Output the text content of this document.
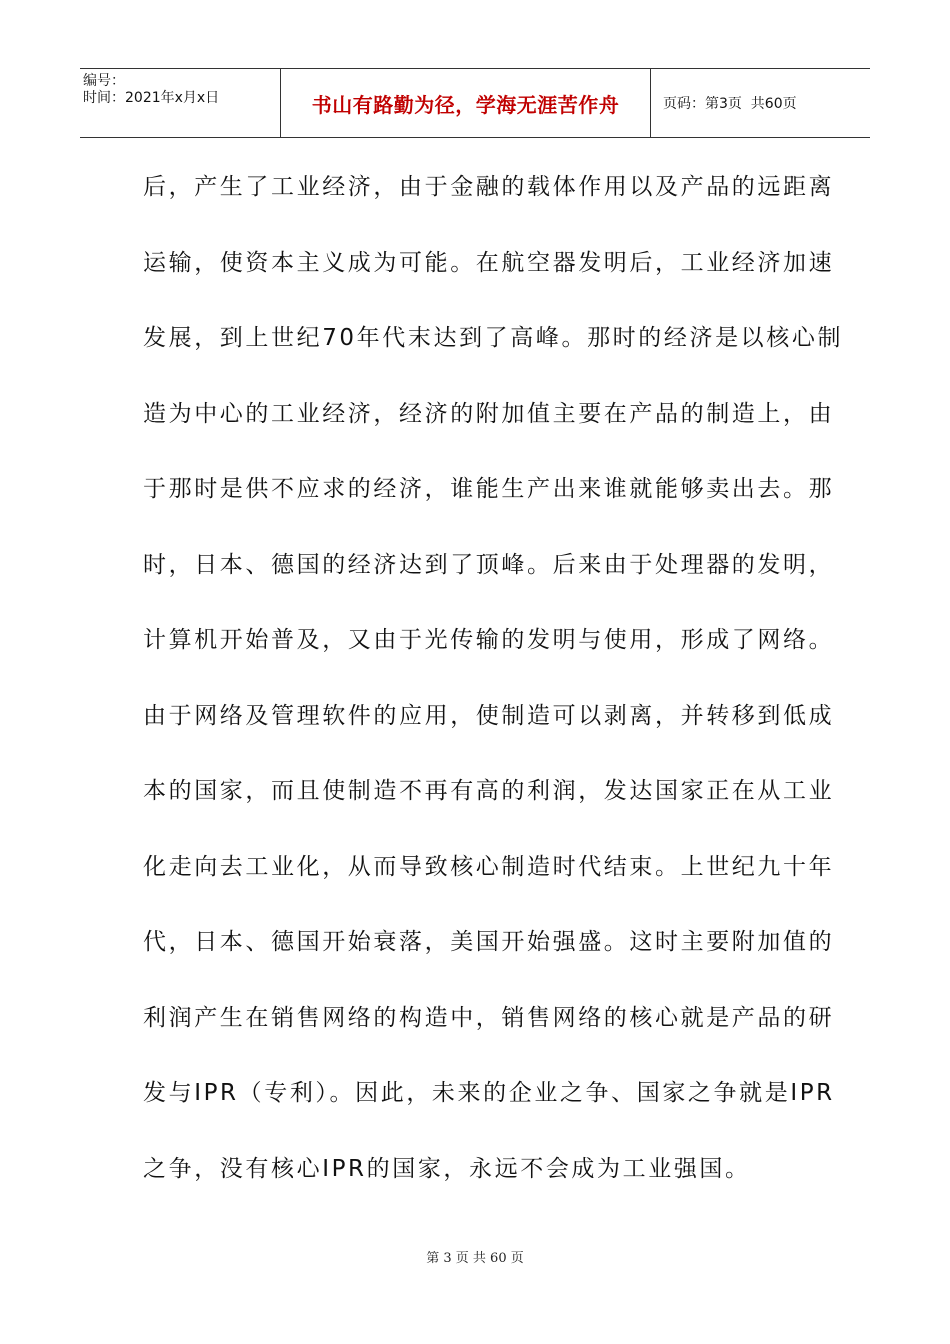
编号：
时间：2021年x月x日	书山有路勤为径，学海无涯苦作舟	页码：第3页  共60页
后，产生了工业经济，由于金融的载体作用以及产品的远距离
运输，使资本主义成为可能。在航空器发明后，工业经济加速
发展，到上世纪70年代末达到了高峰。那时的经济是以核心制
造为中心的工业经济，经济的附加值主要在产品的制造上，由
于那时是供不应求的经济，谁能生产出来谁就能够卖出去。那
时，日本、德国的经济达到了顶峰。后来由于处理器的发明，
计算机开始普及，又由于光传输的发明与使用，形成了网络。
由于网络及管理软件的应用，使制造可以剥离，并转移到低成
本的国家，而且使制造不再有高的利润，发达国家正在从工业
化走向去工业化，从而导致核心制造时代结束。上世纪九十年
代，日本、德国开始衰落，美国开始强盛。这时主要附加值的
利润产生在销售网络的构造中，销售网络的核心就是产品的研
发与IPR（专利）。因此，未来的企业之争、国家之争就是IPR
之争，没有核心IPR的国家，永远不会成为工业强国。
第 3 页 共 60 页
